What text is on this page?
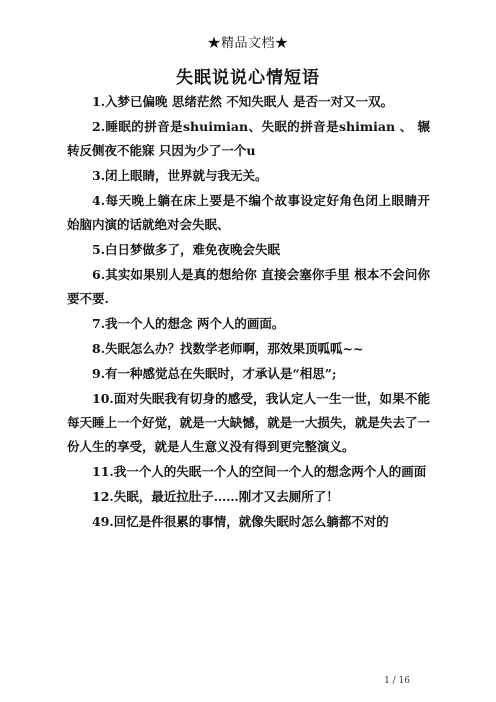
★精品文档★
失眠说说心情短语

1.入梦已偏晚 思绪茫然 不知失眠人 是否一对又一双。

2.睡眠的拼音是shuimian、失眠的拼音是shimian 、 辗转反侧夜不能寐 只因为少了一个u

3.闭上眼睛，世界就与我无关。

4.每天晚上躺在床上要是不编个故事设定好角色闭上眼睛开始脑内演的话就绝对会失眠、

5.白日梦做多了，难免夜晚会失眠

6.其实如果别人是真的想给你 直接会塞你手里 根本不会问你要不要.

7.我一个人的想念 两个人的画面。

8.失眠怎么办？找数学老师啊，那效果顶呱呱~~

9.有一种感觉总在失眠时，才承认是“相思”;

10.面对失眠我有切身的感受，我认定人一生一世，如果不能每天睡上一个好觉，就是一大缺憾，就是一大损失，就是失去了一份人生的享受，就是人生意义没有得到更完整演义。

11.我一个人的失眠一个人的空间一个人的想念两个人的画面

12.失眠，最近拉肚子……刚才又去厕所了！

49.回忆是件很累的事情，就像失眠时怎么躺都不对的

1 / 16
